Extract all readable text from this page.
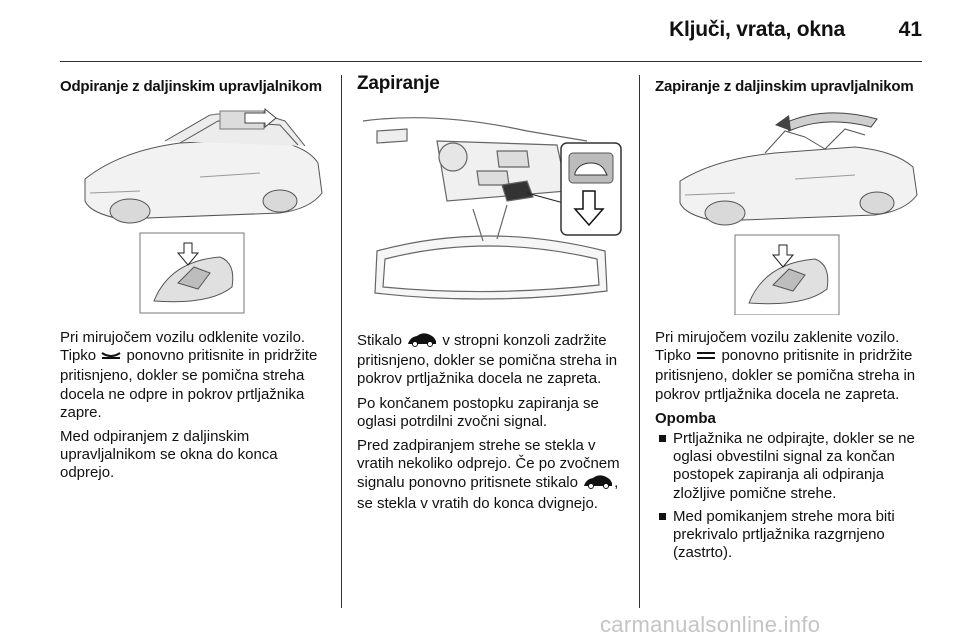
Ključi, vrata, okna	41
Odpiranje z daljinskim upravljalnikom

Pri mirujočem vozilu odklenite vozilo. Tipko  ponovno pritisnite in pridržite pritisnjeno, dokler se pomična streha docela ne odpre in pokrov prtljažnika zapre.

Med odpiranjem z daljinskim upravljalnikom se okna do konca odprejo.

Zapiranje

Stikalo  v stropni konzoli zadržite pritisnjeno, dokler se pomična streha in pokrov prtljažnika docela ne zapreta.

Po končanem postopku zapiranja se oglasi potrdilni zvočni signal.

Pred zadpiranjem strehe se stekla v vratih nekoliko odprejo. Če po zvočnem signalu ponovno pritisnete stikalo , se stekla v vratih do konca dvignejo.

Zapiranje z daljinskim upravljalnikom

Pri mirujočem vozilu zaklenite vozilo. Tipko  ponovno pritisnite in pridržite pritisnjeno, dokler se pomična streha in pokrov prtljažnika docela ne zapreta.

Opomba
Prtljažnika ne odpirajte, dokler se ne oglasi obvestilni signal za končan postopek zapiranja ali odpiranja zložljive pomične strehe.
Med pomikanjem strehe mora biti prekrivalo prtljažnika razgrnjeno (zastrto).
carmanualsonline.info
